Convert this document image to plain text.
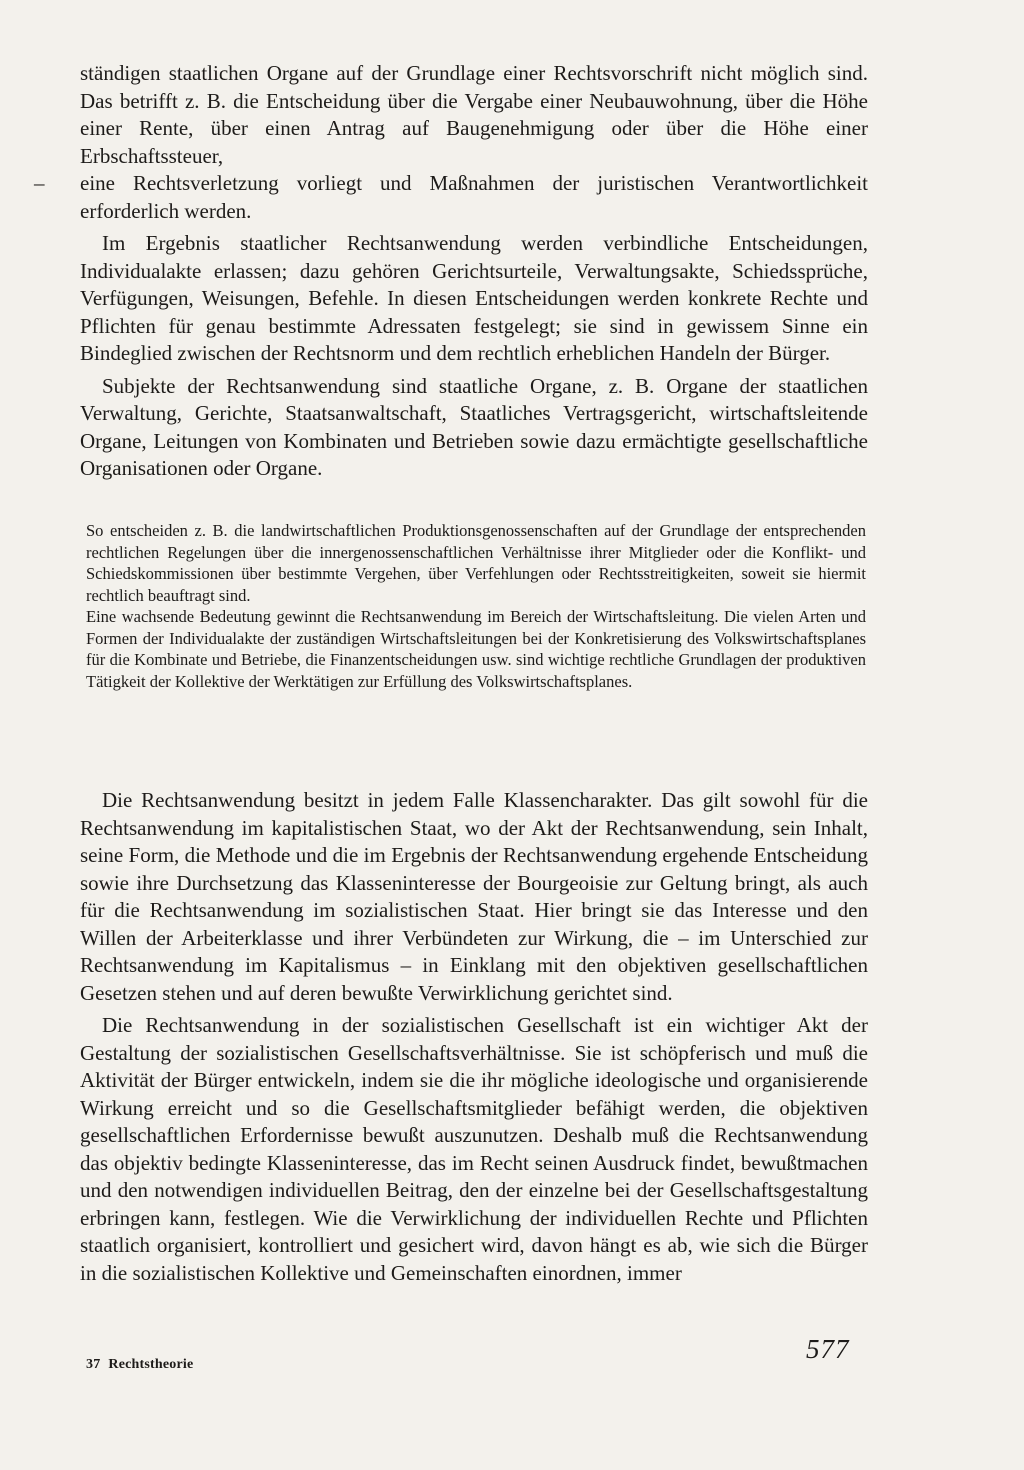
ständigen staatlichen Organe auf der Grundlage einer Rechtsvorschrift nicht möglich sind. Das betrifft z. B. die Entscheidung über die Vergabe einer Neubauwohnung, über die Höhe einer Rente, über einen Antrag auf Baugenehmigung oder über die Höhe einer Erbschaftssteuer,

– eine Rechtsverletzung vorliegt und Maßnahmen der juristischen Verantwortlichkeit erforderlich werden.

Im Ergebnis staatlicher Rechtsanwendung werden verbindliche Entscheidungen, Individualakte erlassen; dazu gehören Gerichtsurteile, Verwaltungsakte, Schiedssprüche, Verfügungen, Weisungen, Befehle. In diesen Entscheidungen werden konkrete Rechte und Pflichten für genau bestimmte Adressaten festgelegt; sie sind in gewissem Sinne ein Bindeglied zwischen der Rechtsnorm und dem rechtlich erheblichen Handeln der Bürger.

Subjekte der Rechtsanwendung sind staatliche Organe, z. B. Organe der staatlichen Verwaltung, Gerichte, Staatsanwaltschaft, Staatliches Vertragsgericht, wirtschaftsleitende Organe, Leitungen von Kombinaten und Betrieben sowie dazu ermächtigte gesellschaftliche Organisationen oder Organe.

So entscheiden z. B. die landwirtschaftlichen Produktionsgenossenschaften auf der Grundlage der entsprechenden rechtlichen Regelungen über die innergenossenschaftlichen Verhältnisse ihrer Mitglieder oder die Konflikt- und Schiedskommissionen über bestimmte Vergehen, über Verfehlungen oder Rechtsstreitigkeiten, soweit sie hiermit rechtlich beauftragt sind.

Eine wachsende Bedeutung gewinnt die Rechtsanwendung im Bereich der Wirtschaftsleitung. Die vielen Arten und Formen der Individualakte der zuständigen Wirtschaftsleitungen bei der Konkretisierung des Volkswirtschaftsplanes für die Kombinate und Betriebe, die Finanzentscheidungen usw. sind wichtige rechtliche Grundlagen der produktiven Tätigkeit der Kollektive der Werktätigen zur Erfüllung des Volkswirtschaftsplanes.

Die Rechtsanwendung besitzt in jedem Falle Klassencharakter. Das gilt sowohl für die Rechtsanwendung im kapitalistischen Staat, wo der Akt der Rechtsanwendung, sein Inhalt, seine Form, die Methode und die im Ergebnis der Rechtsanwendung ergehende Entscheidung sowie ihre Durchsetzung das Klasseninteresse der Bourgeoisie zur Geltung bringt, als auch für die Rechtsanwendung im sozialistischen Staat. Hier bringt sie das Interesse und den Willen der Arbeiterklasse und ihrer Verbündeten zur Wirkung, die – im Unterschied zur Rechtsanwendung im Kapitalismus – in Einklang mit den objektiven gesellschaftlichen Gesetzen stehen und auf deren bewußte Verwirklichung gerichtet sind.

Die Rechtsanwendung in der sozialistischen Gesellschaft ist ein wichtiger Akt der Gestaltung der sozialistischen Gesellschaftsverhältnisse. Sie ist schöpferisch und muß die Aktivität der Bürger entwickeln, indem sie die ihr mögliche ideologische und organisierende Wirkung erreicht und so die Gesellschaftsmitglieder befähigt werden, die objektiven gesellschaftlichen Erfordernisse bewußt auszunutzen. Deshalb muß die Rechtsanwendung das objektiv bedingte Klasseninteresse, das im Recht seinen Ausdruck findet, bewußtmachen und den notwendigen individuellen Beitrag, den der einzelne bei der Gesellschaftsgestaltung erbringen kann, festlegen. Wie die Verwirklichung der individuellen Rechte und Pflichten staatlich organisiert, kontrolliert und gesichert wird, davon hängt es ab, wie sich die Bürger in die sozialistischen Kollektive und Gemeinschaften einordnen, immer

37 Rechtstheorie
577
